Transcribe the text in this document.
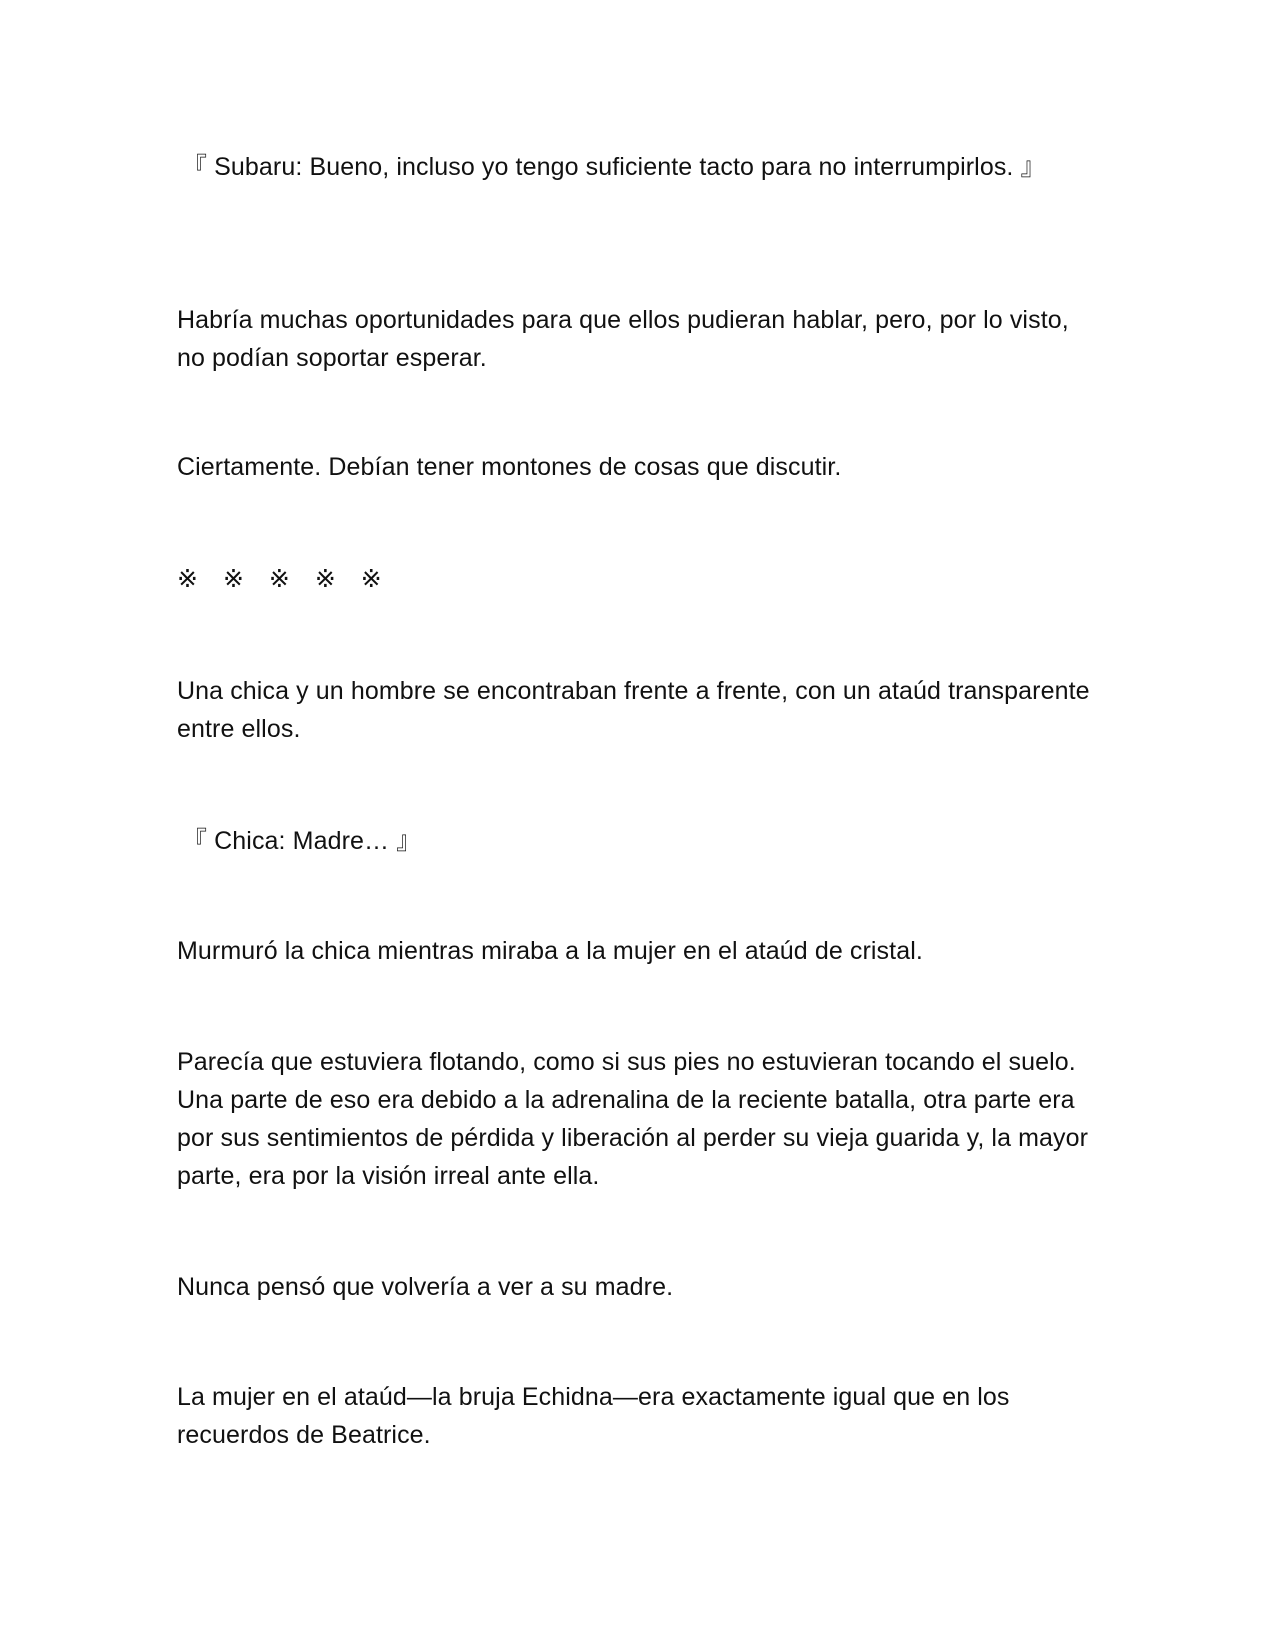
『 Subaru: Bueno, incluso yo tengo suficiente tacto para no interrumpirlos. 』

Habría muchas oportunidades para que ellos pudieran hablar, pero, por lo visto, no podían soportar esperar.

Ciertamente. Debían tener montones de cosas que discutir.

※ ※ ※ ※ ※

Una chica y un hombre se encontraban frente a frente, con un ataúd transparente entre ellos.

『 Chica: Madre… 』

Murmuró la chica mientras miraba a la mujer en el ataúd de cristal.

Parecía que estuviera flotando, como si sus pies no estuvieran tocando el suelo. Una parte de eso era debido a la adrenalina de la reciente batalla, otra parte era por sus sentimientos de pérdida y liberación al perder su vieja guarida y, la mayor parte, era por la visión irreal ante ella.

Nunca pensó que volvería a ver a su madre.

La mujer en el ataúd—la bruja Echidna—era exactamente igual que en los recuerdos de Beatrice.
